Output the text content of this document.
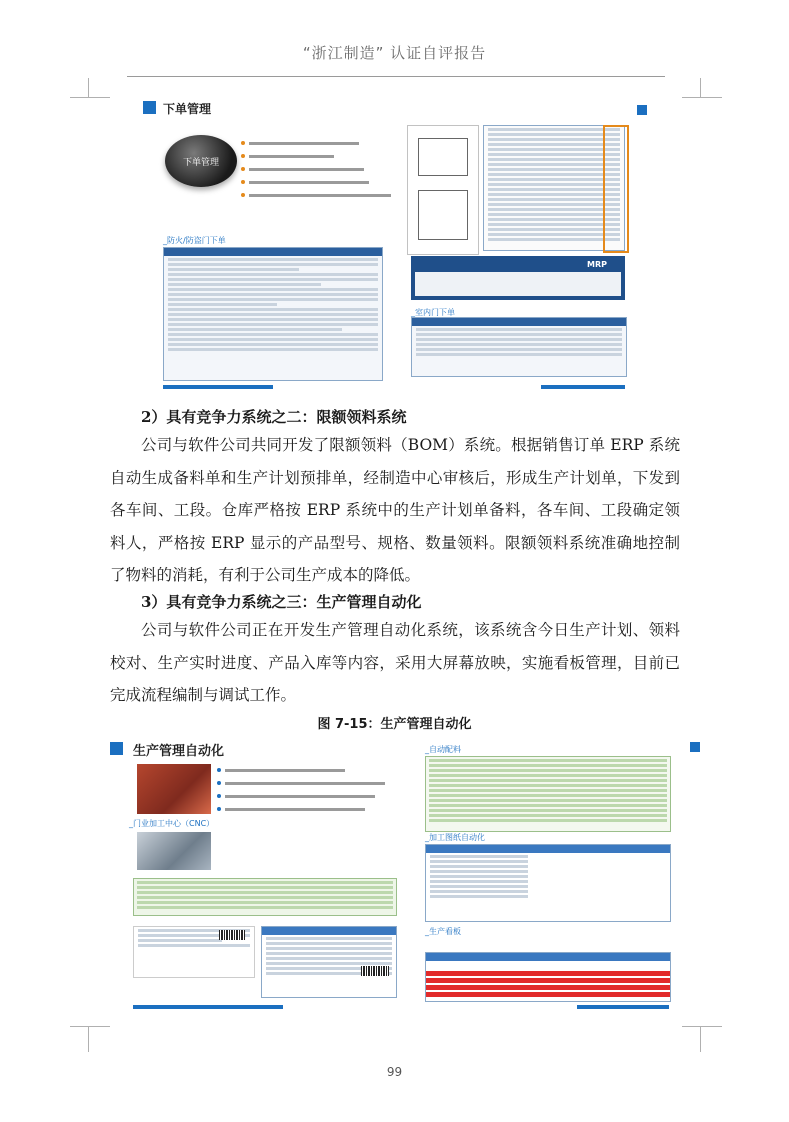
“浙江制造” 认证自评报告
下单管理
下单管理
_防火/防盗门下单
MRP
_室内门下单
2）具有竞争力系统之二：限额领料系统

公司与软件公司共同开发了限额领料（BOM）系统。根据销售订单 ERP 系统自动生成备料单和生产计划预排单，经制造中心审核后，形成生产计划单，下发到各车间、工段。仓库严格按 ERP 系统中的生产计划单备料，各车间、工段确定领料人，严格按 ERP 显示的产品型号、规格、数量领料。限额领料系统准确地控制了物料的消耗，有利于公司生产成本的降低。

3）具有竞争力系统之三：生产管理自动化

公司与软件公司正在开发生产管理自动化系统，该系统含今日生产计划、领料校对、生产实时进度、产品入库等内容，采用大屏幕放映，实施看板管理，目前已完成流程编制与调试工作。

图 7-15：生产管理自动化
生产管理自动化
_门业加工中心（CNC）
_自动配料
_加工图纸自动化
_生产看板
99
